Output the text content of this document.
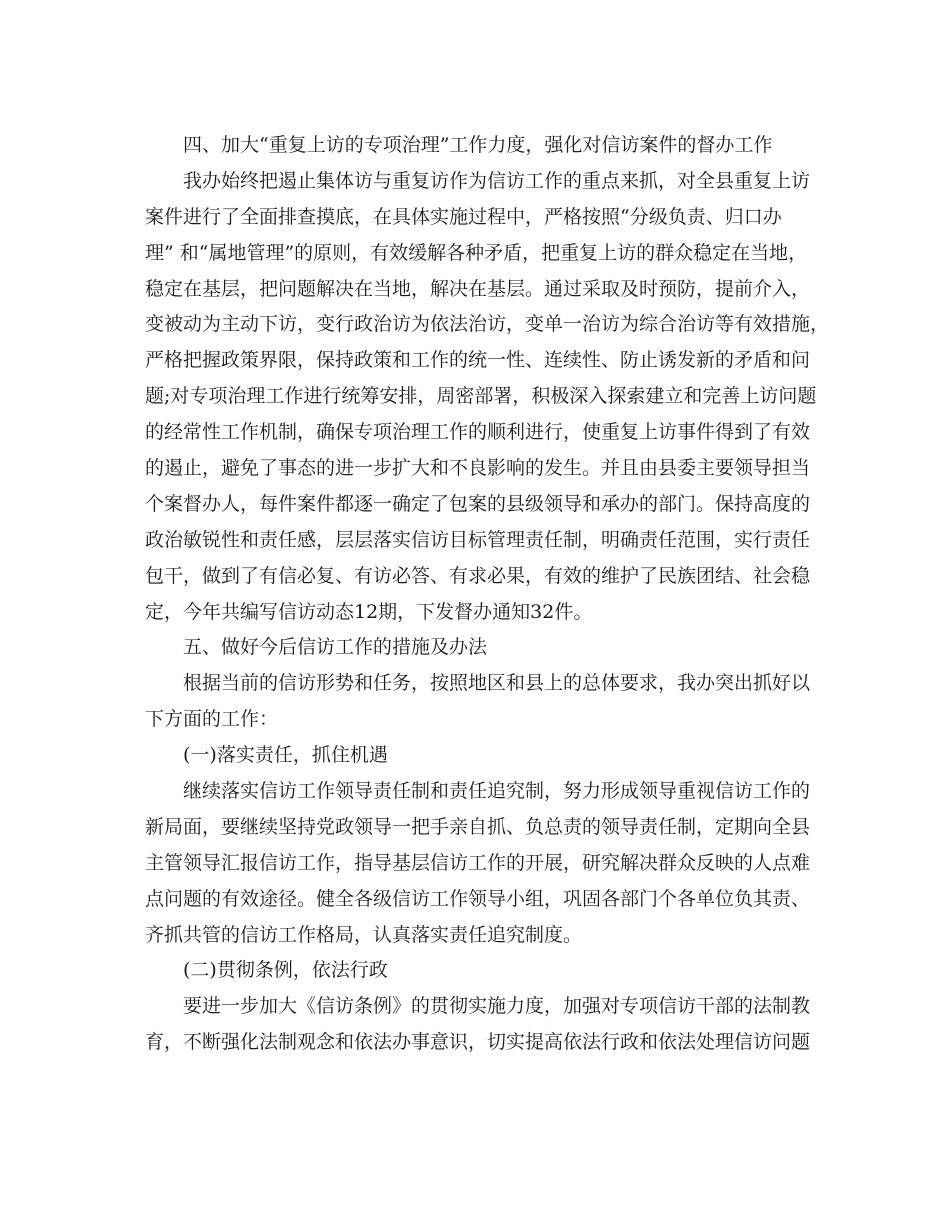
四、加大“重复上访的专项治理”工作力度，强化对信访案件的督办工作
我办始终把遏止集体访与重复访作为信访工作的重点来抓，对全县重复上访
案件进行了全面排查摸底，在具体实施过程中，严格按照“分级负责、归口办
理” 和“属地管理”的原则，有效缓解各种矛盾，把重复上访的群众稳定在当地，
稳定在基层，把问题解决在当地，解决在基层。通过采取及时预防，提前介入，
变被动为主动下访，变行政治访为依法治访，变单一治访为综合治访等有效措施，
严格把握政策界限，保持政策和工作的统一性、连续性、防止诱发新的矛盾和问
题;对专项治理工作进行统筹安排，周密部署，积极深入探索建立和完善上访问题
的经常性工作机制，确保专项治理工作的顺利进行，使重复上访事件得到了有效
的遏止，避免了事态的进一步扩大和不良影响的发生。并且由县委主要领导担当
个案督办人，每件案件都逐一确定了包案的县级领导和承办的部门。保持高度的
政治敏锐性和责任感，层层落实信访目标管理责任制，明确责任范围，实行责任
包干，做到了有信必复、有访必答、有求必果，有效的维护了民族团结、社会稳
定，今年共编写信访动态12期，下发督办通知32件。
五、做好今后信访工作的措施及办法
根据当前的信访形势和任务，按照地区和县上的总体要求，我办突出抓好以
下方面的工作：
(一)落实责任，抓住机遇
继续落实信访工作领导责任制和责任追究制，努力形成领导重视信访工作的
新局面，要继续坚持党政领导一把手亲自抓、负总责的领导责任制，定期向全县
主管领导汇报信访工作，指导基层信访工作的开展，研究解决群众反映的人点难
点问题的有效途径。健全各级信访工作领导小组，巩固各部门个各单位负其责、
齐抓共管的信访工作格局，认真落实责任追究制度。
(二)贯彻条例，依法行政
要进一步加大《信访条例》的贯彻实施力度，加强对专项信访干部的法制教
育，不断强化法制观念和依法办事意识，切实提高依法行政和依法处理信访问题
